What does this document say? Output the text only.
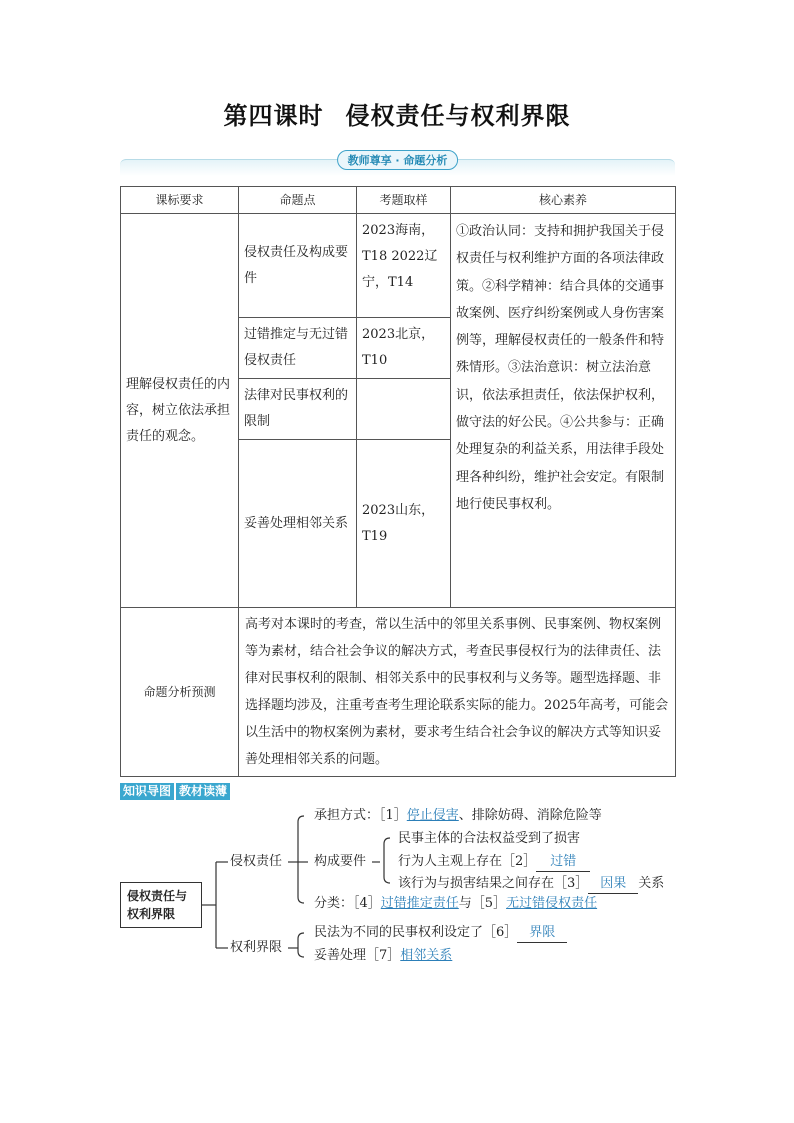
第四课时 侵权责任与权利界限
教师尊享 · 命题分析
课标要求	命题点	考题取样	核心素养
理解侵权责任的内容，树立依法承担责任的观念。	侵权责任及构成要件	2023海南，T18 2022辽宁，T14	①政治认同：支持和拥护我国关于侵权责任与权利维护方面的各项法律政策。②科学精神：结合具体的交通事故案例、医疗纠纷案例或人身伤害案例等，理解侵权责任的一般条件和特殊情形。③法治意识：树立法治意识，依法承担责任，依法保护权利，做守法的好公民。④公共参与：正确处理复杂的利益关系，用法律手段处理各种纠纷，维护社会安定。有限制地行使民事权利。
	过错推定与无过错侵权责任	2023北京，T10	
	法律对民事权利的限制		
	妥善处理相邻关系	2023山东，T19	
命题分析预测	高考对本课时的考查，常以生活中的邻里关系事例、民事案例、物权案例等为素材，结合社会争议的解决方式，考查民事侵权行为的法律责任、法律对民事权利的限制、相邻关系中的民事权利与义务等。题型选择题、非选择题均涉及，注重考查考生理论联系实际的能力。2025年高考，可能会以生活中的物权案例为素材，要求考生结合社会争议的解决方式等知识妥善处理相邻关系的问题。		
知识导图 教材读薄
侵权责任与权利界限
侵权责任
权利界限
承担方式：［1］停止侵害、排除妨碍、消除危险等
构成要件
民事主体的合法权益受到了损害
行为人主观上存在［2］ 过错
该行为与损害结果之间存在［3］ 因果 关系
分类：［4］过错推定责任与［5］无过错侵权责任
民法为不同的民事权利设定了［6］ 界限
妥善处理［7］相邻关系
